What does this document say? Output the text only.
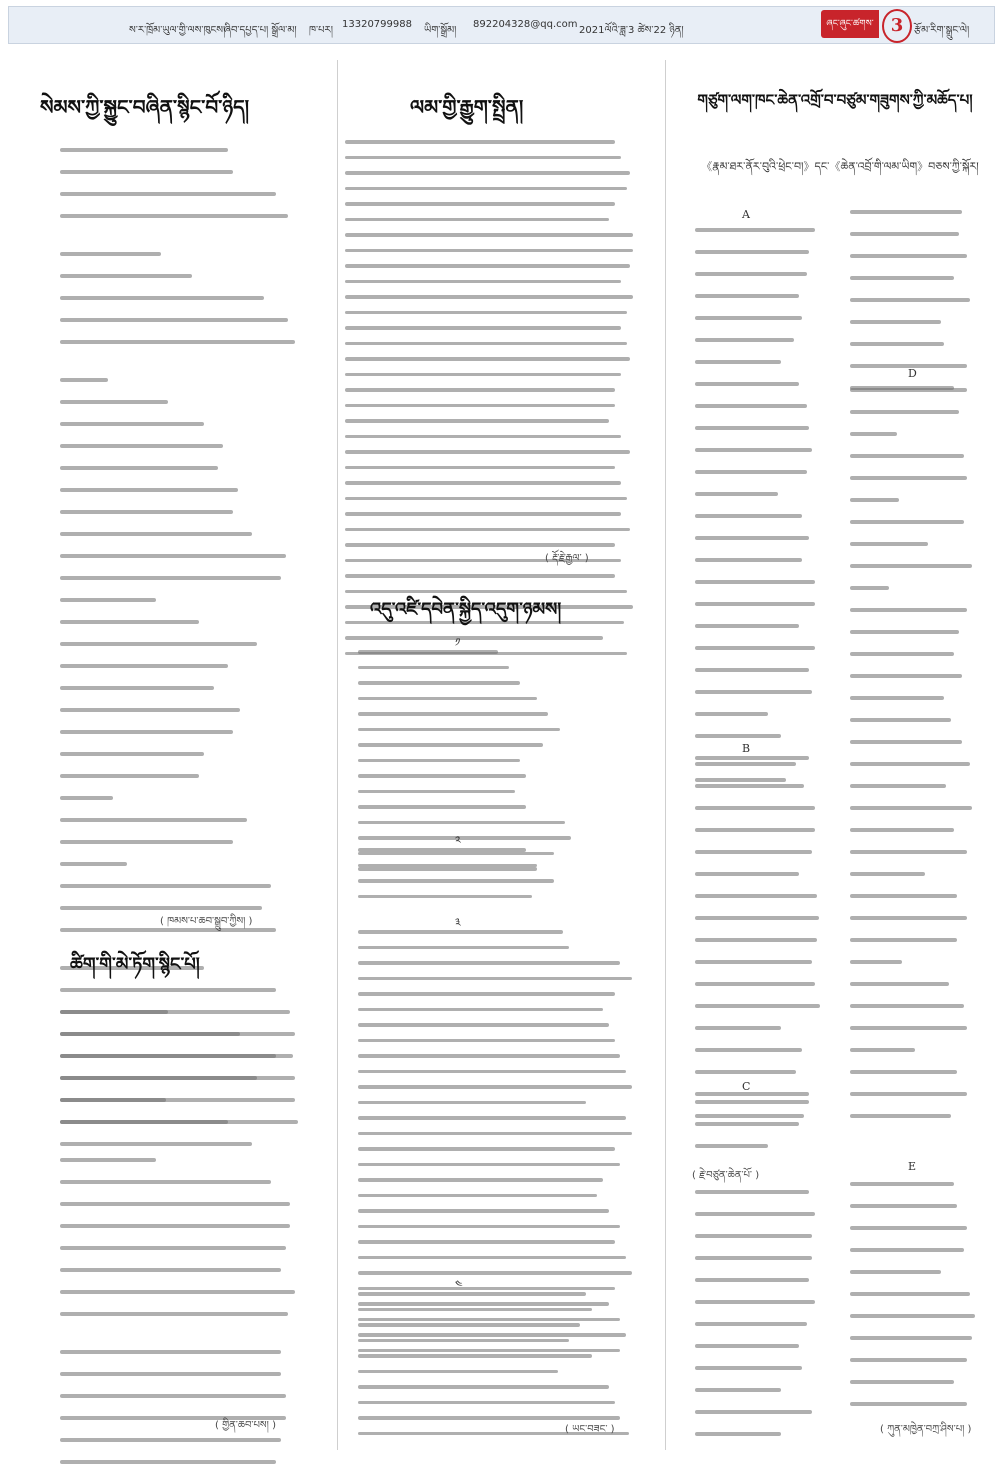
ས་ར་ཁྲོམ་ཡུལ་གྱི་ལས་ཁུངས།
ཞིབ་དཔྱད་པ། སྒྲོལ་མ། ཁ་པར།
13320799988
ཡིག་སྒྲོམ།
892204328@qq.com
2021ལོའི་ཟླ་3 ཚེས་22 ཉིན།
ཞང་ཞུང་ཚགས་པར།
3	རྩོམ་རིག་སྒྲུང་ལེ།
སེམས་ཀྱི་སྐྱུང་བཞིན་སྙིང་བོ་ཉིད།
( ཁམས་པ་ཆབ་སྒྲུབ་ཀྱིས། )
ཚིག་གི་མེ་ཏོག་སྙིང་པོ།
( གྱིན་ཆབ་པས། )
ལམ་གྱི་རྒྱུག་སྤྲིན།
( རྡོ་རྗེ་རྒྱལ་ )
འདུ་འཛི་དབེན་སྐྱིད་འདུག་ཉམས།
༡
༢
༣
༤
( ཡང་བཟང་ )
གཙུག་ལག་ཁང་ཆེན་འགྲོ་བ་བཙུམ་གཟུགས་ཀྱི་མཆོད་པ།
《རྣམ་ཐར་ནོར་བུའི་ཕྲེང་བ།》དང་《ཆེན་འབྲོ་གི་ལམ་ཡིག》བཅས་ཀྱི་སྐོར།
A
B
C
( རྗེ་བཙུན་ཆེན་པོ་ )
D
E
( ཀུན་མཁྱེན་བཀྲ་ཤིས་པ། )
